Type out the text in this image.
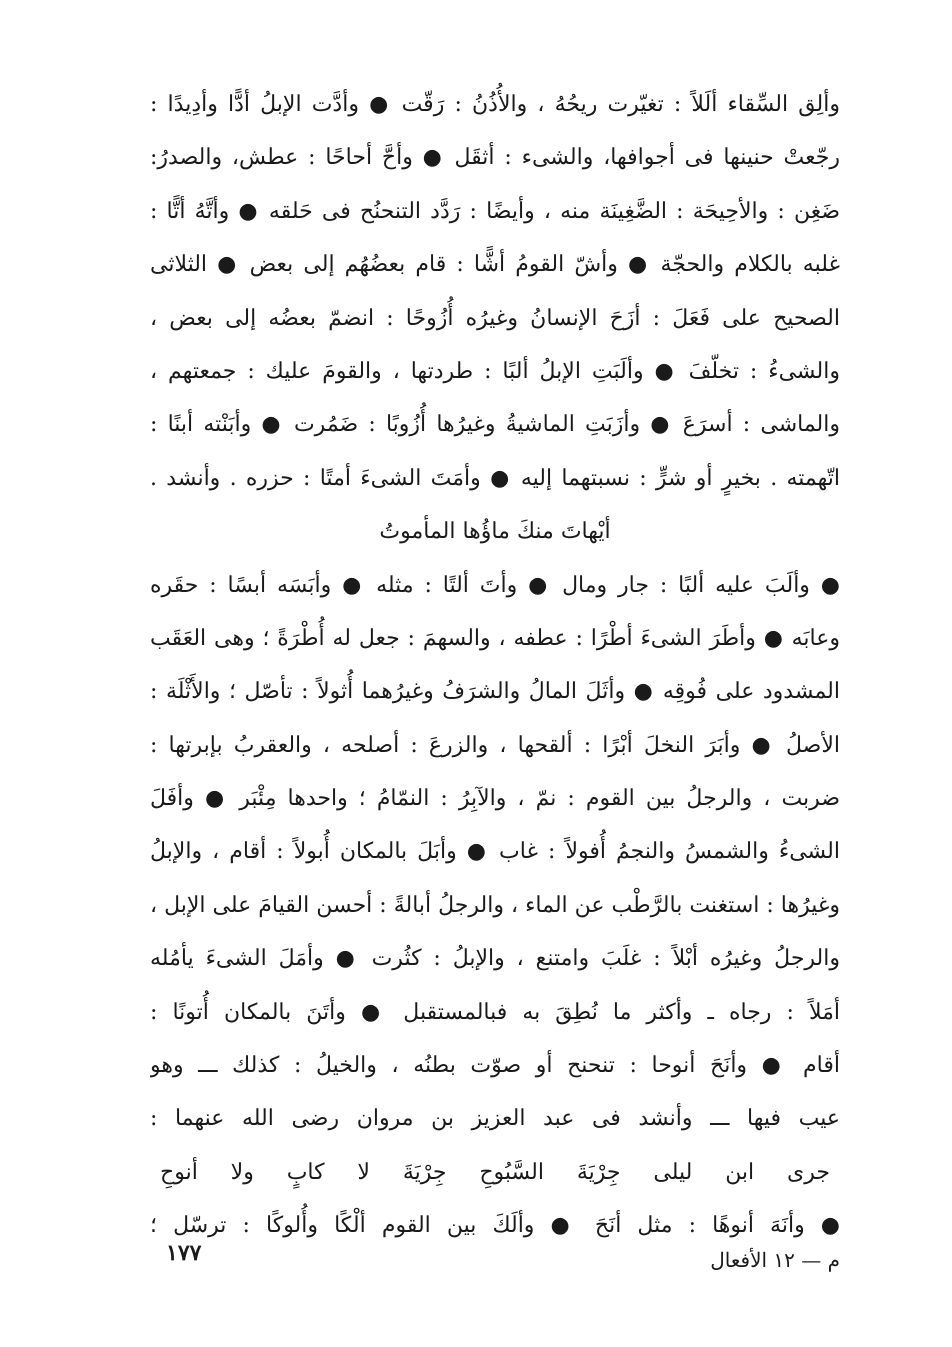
وألِق السِّقاء ألَلاً : تغيّرت ريحُهُ ، والأُذُنُ : رَقّت ● وأدَّت الإبلُ أدًّا وأدِيدًا :
رجّعتْ حنينها فى أجوافها، والشىء : أثقَل ● وأحَّ أحاحًا : عطش، والصدرُ:
ضَغِن : والأحِيحَة : الضَّغِينَة منه ، وأيضًا : رَدَّد التنحنُح فى حَلقه ● وأتَّهُ أتًّا :
غلبه بالكلام والحجّة ● وأشّ القومُ أشًّا : قام بعضُهُم إلى بعض ● الثلاثى
الصحيح على فَعَلَ : أزَحَ الإنسانُ وغيرُه أُزُوحًا : انضمّ بعضُه إلى بعض ،
والشىءُ : تخلّفَ ● وألَبَتِ الإبلُ ألبًا : طردتها ، والقومَ عليك : جمعتهم ،
والماشى : أسرَعَ ● وأزَبَتِ الماشيةُ وغيرُها أُزُوبًا : ضَمُرت ● وأبَنْته أبنًا :
اتّهمته . بخيرٍ أو شرٍّ : نسبتهما إليه ● وأمَتَ الشىءَ أمتًا : حزره . وأنشد .
أيْهاتَ منكَ ماؤُها المأموتُ
● وألَبَ عليه ألبًا : جار ومال ● وأتَ ألتًا : مثله ● وأبَسَه أبسًا : حقَره
وعابَه ● وأطَرَ الشىءَ أطْرًا : عطفه ، والسهمَ : جعل له أُطْرَةً ؛ وهى العَقَب
المشدود على فُوقِه ● وأثَلَ المالُ والشرَفُ وغيرُهما أُثولاً : تأصّل ؛ والأَثْلَة :
الأصلُ ● وأبَرَ النخلَ أبْرًا : ألقحها ، والزرعَ : أصلحه ، والعقربُ بإبرتها :
ضربت ، والرجلُ بين القوم : نمّ ، والآبِرُ : النمّامُ ؛ واحدها مِئْبَر ● وأفَلَ
الشىءُ والشمسُ والنجمُ أُفولاً : غاب ● وأبَلَ بالمكان أُبولاً : أقام ، والإبلُ
وغيرُها : استغنت بالرَّطْب عن الماء ، والرجلُ أبالةً : أحسن القيامَ على الإبل ،
والرجلُ وغيرُه أبْلاً : غلَبَ وامتنع ، والإبلُ : كثُرت ● وأمَلَ الشىءَ يأمُله
أمَلاً : رجاه ـ وأكثر ما نُطِقَ به فبالمستقبل ● وأتَنَ بالمكان أُتونًا :
أقام ● وأنَحَ أنوحا : تنحنح أو صوّت بطنُه ، والخيلُ : كذلك ـــ وهو
عيب فيها ـــ وأنشد فى عبد العزيز بن مروان رضى الله عنهما :
جرى ابن ليلى جِرْيَةَ السَّبُوحِ جِرْيَةَ لا كابٍ ولا أنوحِ
● وأنَهَ أنوهًا : مثل أنَحَ ● وألَكَ بين القوم ألْكًا وأُلوكًا : ترسّل ؛
م — ١٢ الأفعال
١٧٧
